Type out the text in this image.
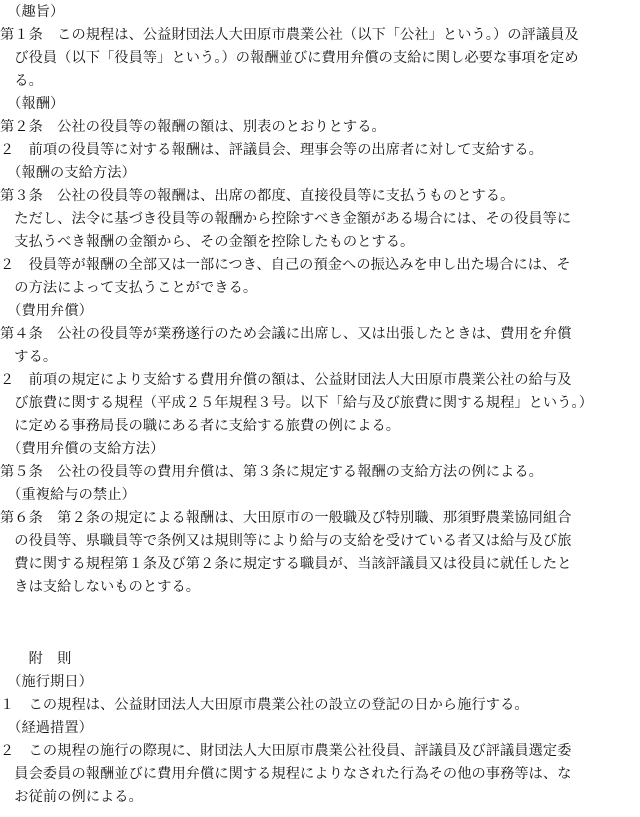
　（趣旨）
第１条　この規程は、公益財団法人大田原市農業公社（以下「公社」という。）の評議員及
　び役員（以下「役員等」という。）の報酬並びに費用弁償の支給に関し必要な事項を定め
　る。
　（報酬）
第２条　公社の役員等の報酬の額は、別表のとおりとする。
２　前項の役員等に対する報酬は、評議員会、理事会等の出席者に対して支給する。
　（報酬の支給方法）
第３条　公社の役員等の報酬は、出席の都度、直接役員等に支払うものとする。
　ただし、法令に基づき役員等の報酬から控除すべき金額がある場合には、その役員等に
　支払うべき報酬の金額から、その金額を控除したものとする。
２　役員等が報酬の全部又は一部につき、自己の預金への振込みを申し出た場合には、そ
　の方法によって支払うことができる。
　（費用弁償）
第４条　公社の役員等が業務遂行のため会議に出席し、又は出張したときは、費用を弁償
　する。
２　前項の規定により支給する費用弁償の額は、公益財団法人大田原市農業公社の給与及
　び旅費に関する規程（平成２５年規程３号。以下「給与及び旅費に関する規程」という。）
　に定める事務局長の職にある者に支給する旅費の例による。
　（費用弁償の支給方法）
第５条　公社の役員等の費用弁償は、第３条に規定する報酬の支給方法の例による。
　（重複給与の禁止）
第６条　第２条の規定による報酬は、大田原市の一般職及び特別職、那須野農業協同組合
　の役員等、県職員等で条例又は規則等により給与の支給を受けている者又は給与及び旅
　費に関する規程第１条及び第２条に規定する職員が、当該評議員又は役員に就任したと
　きは支給しないものとする。
　　附　則
　（施行期日）
１　この規程は、公益財団法人大田原市農業公社の設立の登記の日から施行する。
　（経過措置）
２　この規程の施行の際現に、財団法人大田原市農業公社役員、評議員及び評議員選定委
　員会委員の報酬並びに費用弁償に関する規程によりなされた行為その他の事務等は、な
　お従前の例による。
